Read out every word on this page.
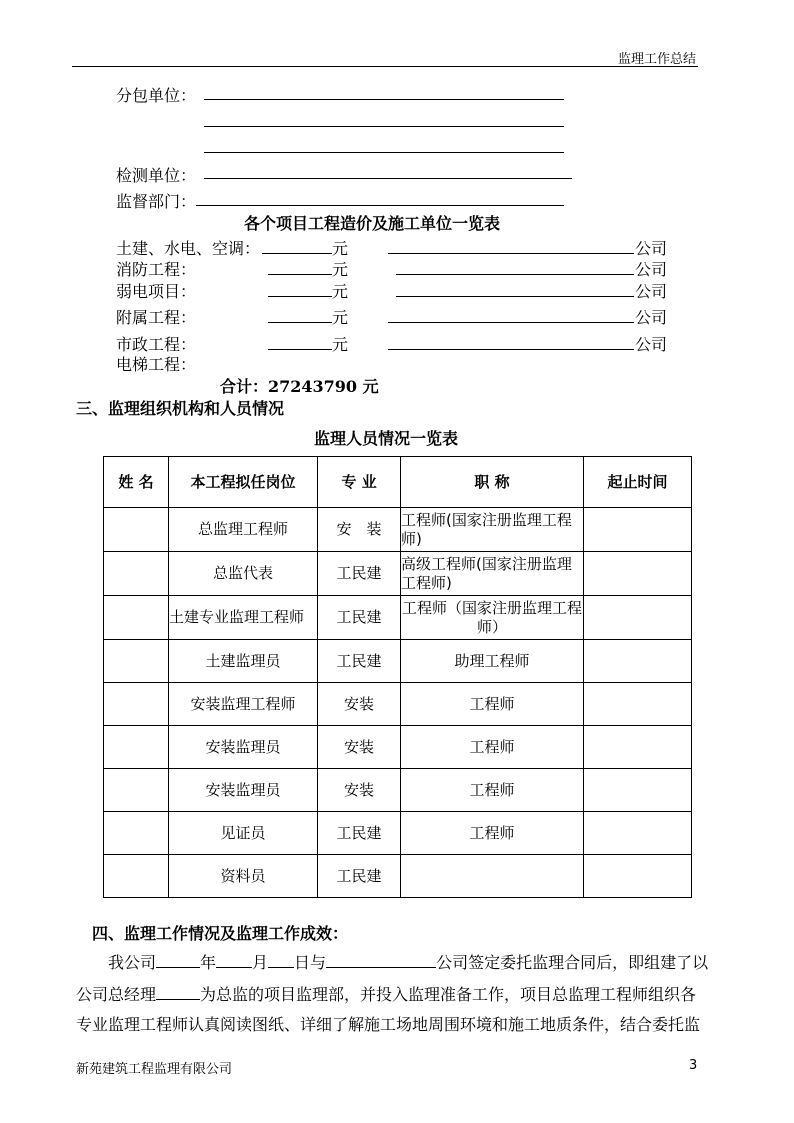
监理工作总结
分包单位：
检测单位：
监督部门：
各个项目工程造价及施工单位一览表
土建、水电、空调：	元	公司
消防工程：	元	公司
弱电项目：	元	公司
附属工程：	元	公司
市政工程：	元	公司
电梯工程：
合计：27243790 元
三、监理组织机构和人员情况
监理人员情况一览表
姓 名	本工程拟任岗位	专 业	职 称	起止时间
	总监理工程师	安　装	工程师(国家注册监理工程师)	
	总监代表	工民建	高级工程师(国家注册监理工程师)	
	土建专业监理工程师	工民建	工程师（国家注册监理工程师）	
	土建监理员	工民建	助理工程师	
	安装监理工程师	安装	工程师	
	安装监理员	安装	工程师	
	安装监理员	安装	工程师	
	见证员	工民建	工程师	
	资料员	工民建		
四、监理工作情况及监理工作成效：
我公司	年 月 日与	公司签定委托监理合同后，即组建了以
公司总经理	为总监的项目监理部，并投入监理准备工作，项目总监理工程师组织各
专业监理工程师认真阅读图纸、详细了解施工场地周围环境和施工地质条件，结合委托监
新苑建筑工程监理有限公司	3
